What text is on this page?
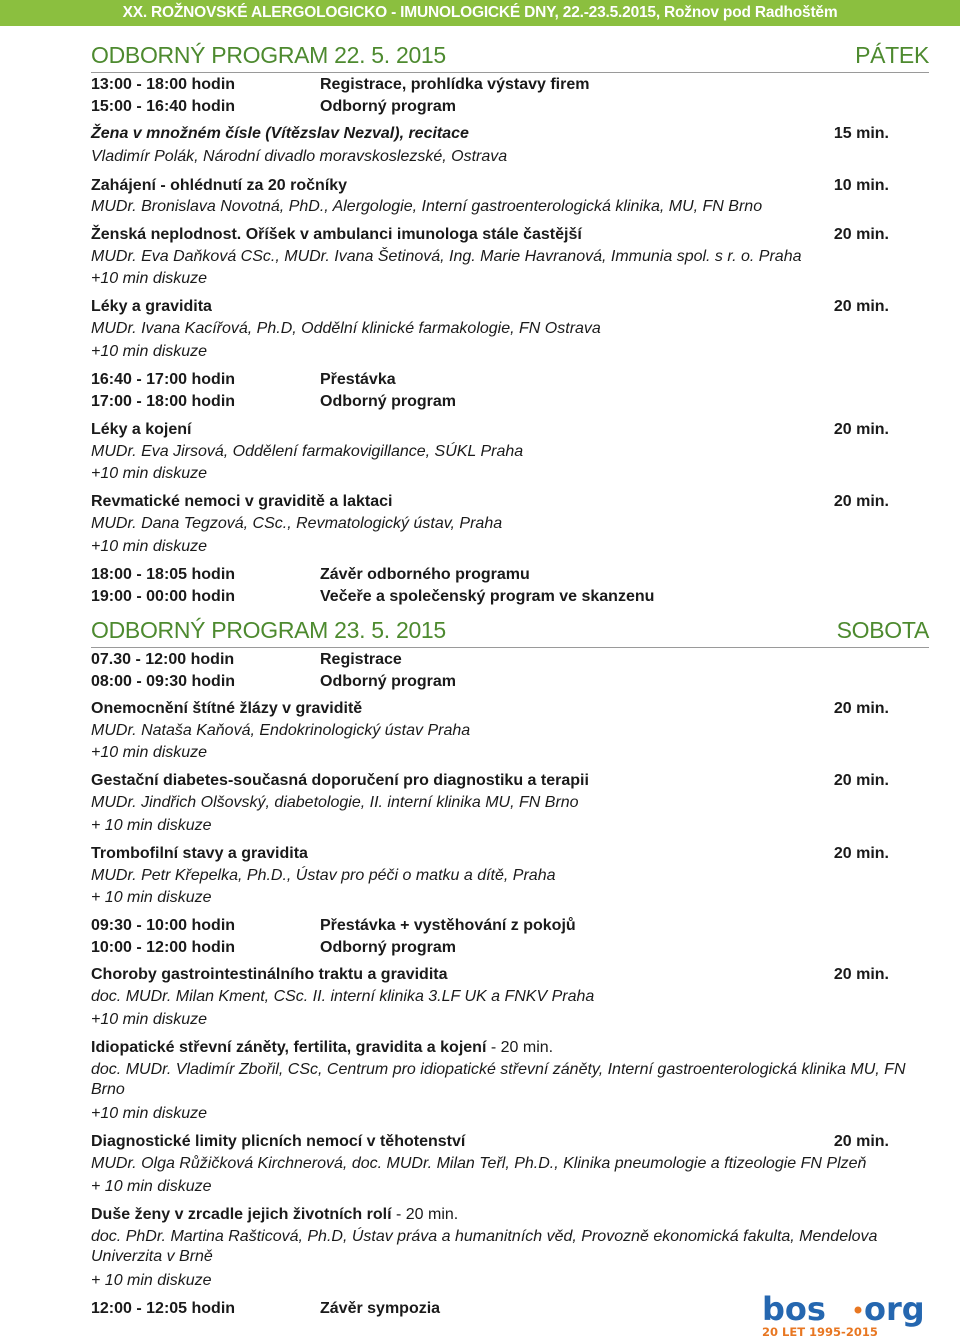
XX. ROŽNOVSKÉ ALERGOLOGICKO - IMUNOLOGICKÉ DNY, 22.-23.5.2015, Rožnov pod Radhoštěm
ODBORNÝ PROGRAM 22. 5. 2015	PÁTEK
13:00 - 18:00 hodin	Registrace, prohlídka výstavy firem
15:00 - 16:40 hodin	Odborný program
Žena v množném čísle (Vítězslav Nezval), recitace	15 min.
Vladimír Polák, Národní divadlo moravskoslezské, Ostrava
Zahájení - ohlédnutí za 20 ročníky	10 min.
MUDr. Bronislava Novotná, PhD., Alergologie, Interní gastroenterologická klinika, MU, FN Brno
Ženská neplodnost. Oříšek v ambulanci imunologa stále častější	20 min.
MUDr. Eva Daňková CSc., MUDr. Ivana Šetinová, Ing. Marie Havranová, Immunia spol. s r. o. Praha
+10 min diskuze
Léky a gravidita	20 min.
MUDr. Ivana Kacířová, Ph.D, Oddělní klinické farmakologie, FN Ostrava
+10 min diskuze
16:40 - 17:00 hodin	Přestávka
17:00 - 18:00 hodin	Odborný program
Léky a kojení	20 min.
MUDr. Eva Jirsová, Oddělení farmakovigillance, SÚKL Praha
+10 min diskuze
Revmatické nemoci v graviditě a laktaci	20 min.
MUDr. Dana Tegzová, CSc., Revmatologický ústav, Praha
+10 min diskuze
18:00 - 18:05 hodin	Závěr odborného programu
19:00 - 00:00 hodin	Večeře a společenský program ve skanzenu
ODBORNÝ PROGRAM 23. 5. 2015	SOBOTA
07.30 - 12:00 hodin	Registrace
08:00 - 09:30 hodin	Odborný program
Onemocnění štítné žlázy v graviditě	20 min.
MUDr. Nataša Kaňová, Endokrinologický ústav Praha
+10 min diskuze
Gestační diabetes-současná doporučení pro diagnostiku a terapii	20 min.
MUDr. Jindřich Olšovský, diabetologie, II. interní klinika MU, FN Brno
+ 10 min diskuze
Trombofilní stavy a gravidita	20 min.
MUDr. Petr Křepelka, Ph.D., Ústav pro péči o matku a dítě, Praha
+ 10 min diskuze
09:30 - 10:00 hodin	Přestávka + vystěhování z pokojů
10:00 - 12:00 hodin	Odborný program
Choroby gastrointestinálního traktu a gravidita	20 min.
doc. MUDr. Milan Kment, CSc. II. interní klinika 3.LF UK a FNKV Praha
+10 min diskuze
Idiopatické střevní záněty, fertilita, gravidita a kojení - 20 min.
doc. MUDr. Vladimír Zbořil, CSc, Centrum pro idiopatické střevní záněty, Interní gastroenterologická klinika MU, FN Brno
+10 min diskuze
Diagnostické limity plicních nemocí v těhotenství	20 min.
MUDr. Olga Růžičková Kirchnerová, doc. MUDr. Milan Teřl, Ph.D., Klinika pneumologie a ftizeologie FN Plzeň
+ 10 min diskuze
Duše ženy v zrcadle jejich životních rolí - 20 min.
doc. PhDr. Martina Rašticová, Ph.D, Ústav práva a humanitních věd, Provozně ekonomická fakulta, Mendelova Univerzita v Brně
+ 10 min diskuze
12:00 - 12:05 hodin	Závěr sympozia	bos org
20 LET 1995-2015
